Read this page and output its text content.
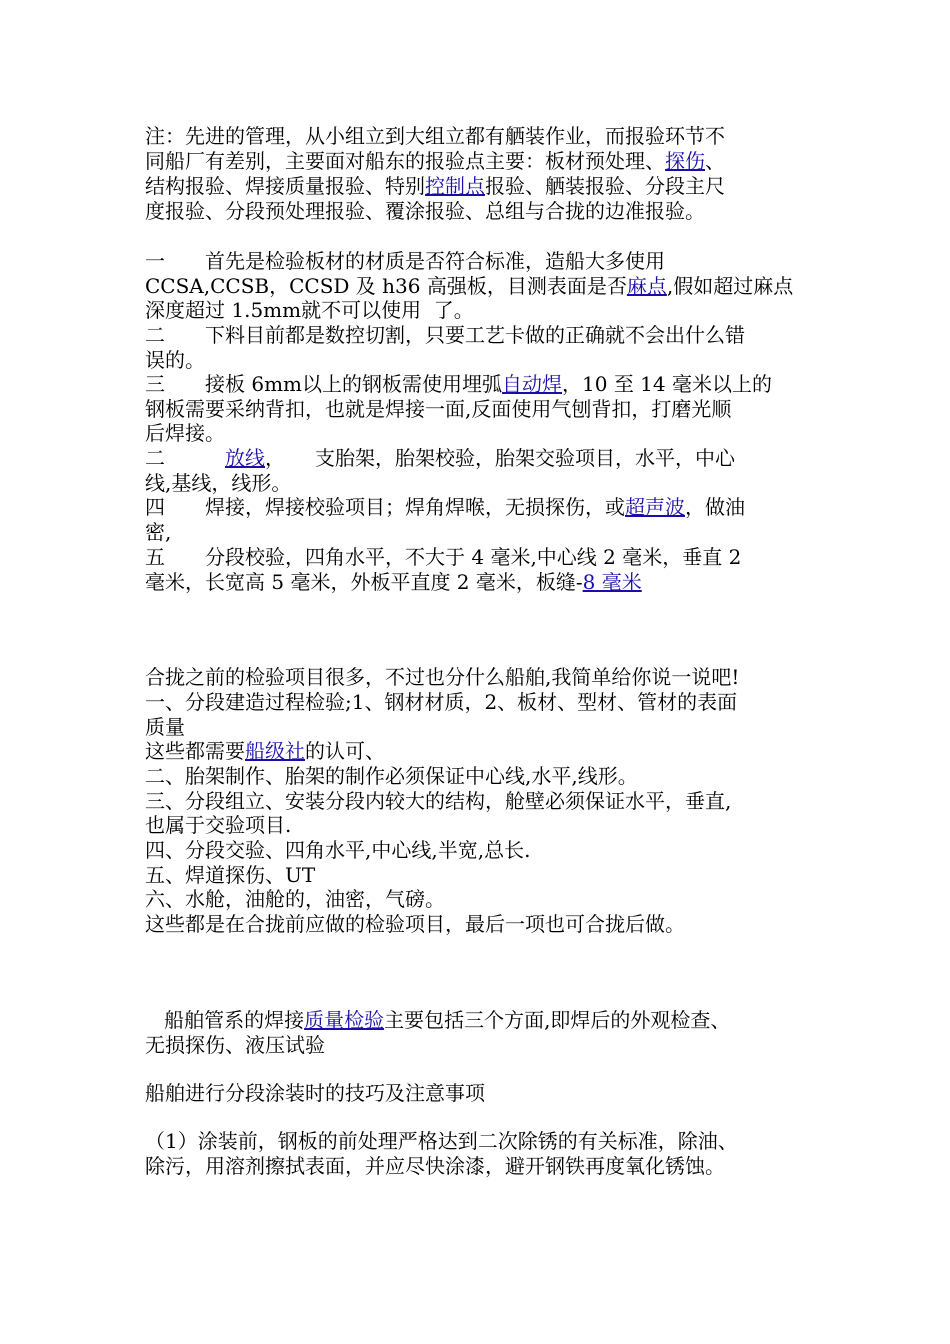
注：先进的管理，从小组立到大组立都有舾装作业，而报验环节不
同船厂有差别，主要面对船东的报验点主要：板材预处理、探伤、
结构报验、焊接质量报验、特别控制点报验、舾装报验、分段主尺
度报验、分段预处理报验、覆涂报验、总组与合拢的边准报验。
一　　首先是检验板材的材质是否符合标准，造船大多使用
CCSA,CCSB，CCSD 及 h36 高强板，目测表面是否麻点,假如超过麻点
深度超过 1.5mm就不可以使用  了。
二　　下料目前都是数控切割，只要工艺卡做的正确就不会出什么错
误的。
三　　接板 6mm以上的钢板需使用埋弧自动焊，10 至 14 毫米以上的
钢板需要采纳背扣，也就是焊接一面,反面使用气刨背扣，打磨光顺
后焊接。
二　　　放线，　　支胎架，胎架校验，胎架交验项目，水平，中心
线,基线，线形。
四　　焊接，焊接校验项目；焊角焊喉，无损探伤，或超声波，做油
密,
五　　分段校验，四角水平，不大于 4 毫米,中心线 2 毫米，垂直 2
毫米，长宽高 5 毫米，外板平直度 2 毫米，板缝-8 毫米
合拢之前的检验项目很多，不过也分什么船舶,我简单给你说一说吧!
一、分段建造过程检验;1、钢材材质，2、板材、型材、管材的表面
质量
这些都需要船级社的认可、
二、胎架制作、胎架的制作必须保证中心线,水平,线形。
三、分段组立、安装分段内较大的结构，舱壁必须保证水平，垂直,
也属于交验项目.
四、分段交验、四角水平,中心线,半宽,总长.
五、焊道探伤、UT
六、水舱，油舱的，油密，气磅。
这些都是在合拢前应做的检验项目，最后一项也可合拢后做。
船舶管系的焊接质量检验主要包括三个方面,即焊后的外观检查、
无损探伤、液压试验
船舶进行分段涂装时的技巧及注意事项
（1）涂装前，钢板的前处理严格达到二次除锈的有关标准，除油、
除污，用溶剂擦拭表面，并应尽快涂漆，避开钢铁再度氧化锈蚀。
